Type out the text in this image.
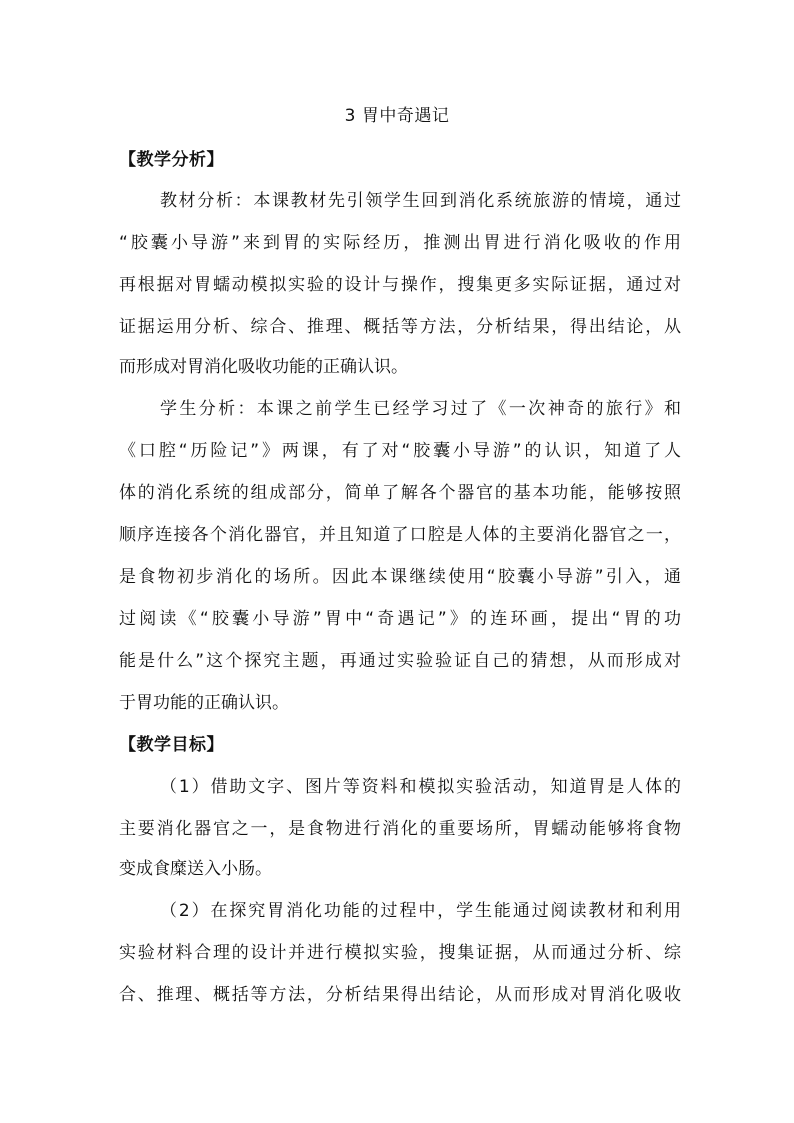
3 胃中奇遇记
【教学分析】
教材分析：本课教材先引领学生回到消化系统旅游的情境，通过
“胶囊小导游”来到胃的实际经历，推测出胃进行消化吸收的作用
再根据对胃蠕动模拟实验的设计与操作，搜集更多实际证据，通过对
证据运用分析、综合、推理、概括等方法，分析结果，得出结论，从
而形成对胃消化吸收功能的正确认识。
学生分析：本课之前学生已经学习过了《一次神奇的旅行》和
《口腔“历险记”》两课，有了对“胶囊小导游”的认识，知道了人
体的消化系统的组成部分，简单了解各个器官的基本功能，能够按照
顺序连接各个消化器官，并且知道了口腔是人体的主要消化器官之一，
是食物初步消化的场所。因此本课继续使用“胶囊小导游”引入，通
过阅读《“胶囊小导游”胃中“奇遇记”》的连环画，提出“胃的功
能是什么”这个探究主题，再通过实验验证自己的猜想，从而形成对
于胃功能的正确认识。
【教学目标】
（1）借助文字、图片等资料和模拟实验活动，知道胃是人体的
主要消化器官之一，是食物进行消化的重要场所，胃蠕动能够将食物
变成食糜送入小肠。
（2）在探究胃消化功能的过程中，学生能通过阅读教材和利用
实验材料合理的设计并进行模拟实验，搜集证据，从而通过分析、综
合、推理、概括等方法，分析结果得出结论，从而形成对胃消化吸收
